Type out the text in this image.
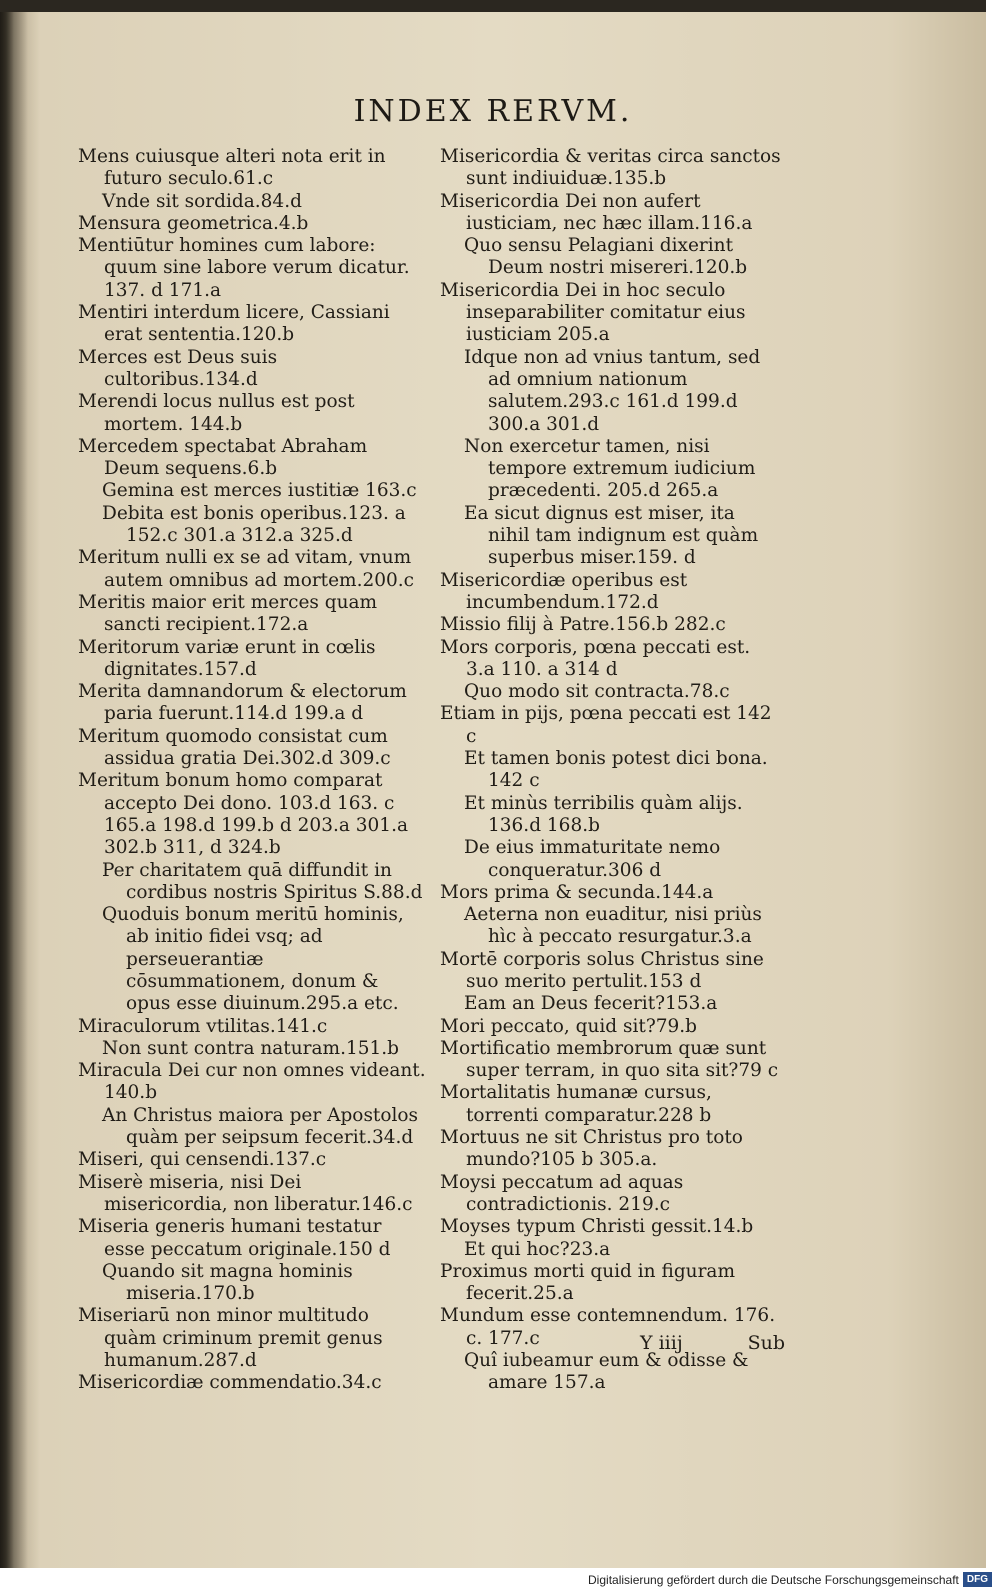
INDEX RERVM.

Mens cuiusque alteri nota erit in futuro seculo.61.c

Vnde sit sordida.84.d

Mensura geometrica.4.b

Mentiūtur homines cum labore: quum sine labore verum dicatur. 137. d 171.a

Mentiri interdum licere, Cassiani erat sententia.120.b

Merces est Deus suis cultoribus.134.d

Merendi locus nullus est post mortem. 144.b

Mercedem spectabat Abraham Deum sequens.6.b

Gemina est merces iustitiæ 163.c

Debita est bonis operibus.123. a 152.c 301.a 312.a 325.d

Meritum nulli ex se ad vitam, vnum autem omnibus ad mortem.200.c

Meritis maior erit merces quam sancti recipient.172.a

Meritorum variæ erunt in cœlis dignitates.157.d

Merita damnandorum & electorum paria fuerunt.114.d 199.a d

Meritum quomodo consistat cum assidua gratia Dei.302.d 309.c

Meritum bonum homo comparat accepto Dei dono. 103.d 163. c 165.a 198.d 199.b d 203.a 301.a 302.b 311, d 324.b

Per charitatem quā diffundit in cordibus nostris Spiritus S.88.d

Quoduis bonum meritū hominis, ab initio fidei vsq; ad perseuerantiæ cōsummationem, donum & opus esse diuinum.295.a etc.

Miraculorum vtilitas.141.c

Non sunt contra naturam.151.b

Miracula Dei cur non omnes videant. 140.b

An Christus maiora per Apostolos quàm per seipsum fecerit.34.d

Miseri, qui censendi.137.c

Miserè miseria, nisi Dei misericordia, non liberatur.146.c

Miseria generis humani testatur esse peccatum originale.150 d

Quando sit magna hominis miseria.170.b

Miseriarū non minor multitudo quàm criminum premit genus humanum.287.d

Misericordiæ commendatio.34.c

Misericordia & veritas circa sanctos sunt indiuiduæ.135.b

Misericordia Dei non aufert iusticiam, nec hæc illam.116.a

Quo sensu Pelagiani dixerint Deum nostri misereri.120.b

Misericordia Dei in hoc seculo inseparabiliter comitatur eius iusticiam 205.a

Idque non ad vnius tantum, sed ad omnium nationum salutem.293.c 161.d 199.d 300.a 301.d

Non exercetur tamen, nisi tempore extremum iudicium præcedenti. 205.d 265.a

Ea sicut dignus est miser, ita nihil tam indignum est quàm superbus miser.159. d

Misericordiæ operibus est incumbendum.172.d

Missio filij à Patre.156.b 282.c

Mors corporis, pœna peccati est. 3.a 110. a 314 d

Quo modo sit contracta.78.c

Etiam in pijs, pœna peccati est 142 c

Et tamen bonis potest dici bona. 142 c

Et minùs terribilis quàm alijs. 136.d 168.b

De eius immaturitate nemo conqueratur.306 d

Mors prima & secunda.144.a

Aeterna non euaditur, nisi priùs hìc à peccato resurgatur.3.a

Mortē corporis solus Christus sine suo merito pertulit.153 d

Eam an Deus fecerit?153.a

Mori peccato, quid sit?79.b

Mortificatio membrorum quæ sunt super terram, in quo sita sit?79 c

Mortalitatis humanæ cursus, torrenti comparatur.228 b

Mortuus ne sit Christus pro toto mundo?105 b 305.a.

Moysi peccatum ad aquas contradictionis. 219.c

Moyses typum Christi gessit.14.b

Et qui hoc?23.a

Proximus morti quid in figuram fecerit.25.a

Mundum esse contemnendum. 176. c. 177.c

Quî iubeamur eum & odisse & amare 157.a

Y iiij	Sub
Digitalisierung gefördert durch die Deutsche Forschungsgemeinschaft DFG
